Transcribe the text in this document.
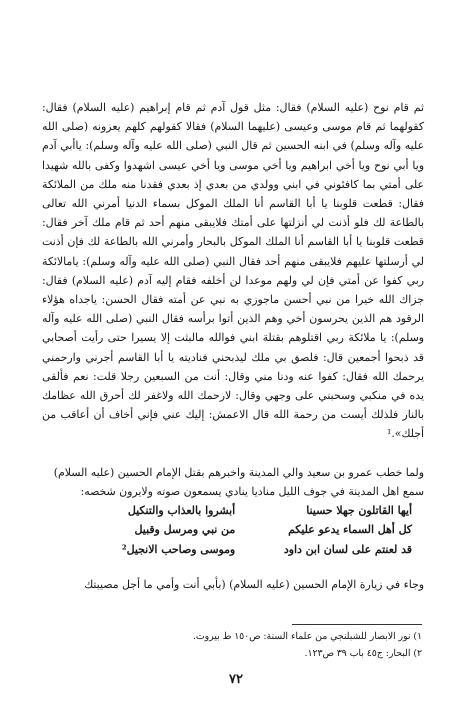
ثم قام نوح (عليه السلام) فقال: مثل قول آدم ثم قام إبراهيم (عليه السلام) فقال: كقولهما ثم قام موسى وعيسى (عليهما السلام) فقالا كقولهم كلهم يعزونه (صلى الله عليه وآله وسلم) في ابنه الحسين ثم قال النبي (صلى الله عليه وآله وسلم): ياأبي آدم ويا أبي نوح ويا أخي ابراهيم ويا أخي موسى ويا أخي عيسى اشهدوا وكفى بالله شهيدا على أمتي بما كافئوني في ابني وولدي من بعدي إذ بعدي فقدنا منه ملك من الملائكة فقال: قطعت قلوبنا يا أبا القاسم أنا الملك الموكل بسماء الدنيا أمرني الله تعالى بالطاعة لك فلو أذنت لي أنزلتها على أمتك فلايبقى منهم أحد ثم قام ملك آخر فقال: قطعت قلوبنا يا أبا القاسم أنا الملك الموكل بالبحار وأمرني الله بالطاعة لك فإن أذنت لي أرسلتها عليهم فلايبقى منهم أحد فقال النبي (صلى الله عليه وآله وسلم): يامالائكة ربي كفوا عن أمتي فإن لي ولهم موعدا لن أخلفه فقام إليه آدم (عليه السلام) فقال: جزاك الله خيرا من نبي أحسن ماجوزي به نبي عن أمته فقال الحسن: ياجداه هؤلاء الرقود هم الذين يحرسون أخي وهم الذين أتوا برأسه فقال النبي (صلى الله عليه وآله وسلم): يا ملائكة ربي اقتلوهم بقتلة ابني فوالله مالبثت إلا يسيرا حتى رأيت أصحابي قد ذبحوا أجمعين قال: فلصق بي ملك ليذبحني فناديته يا أبا القاسم أجرني وارحمني يرحمك الله فقال: كفوا عنه ودنا مني وقال: أنت من السبعين رجلا قلت: نعم فألقى يده في منكبي وسحبني على وجهي وقال: لارحمك الله ولاغفر لك أحرق الله عظامك بالنار فلذلك أيست من رحمة الله قال الاعمش: إليك عني فإني أخاف أن أعاقب من أجلك».¹

ولما خطب عمرو بن سعيد والي المدينة واخبرهم بقتل الإمام الحسين (عليه السلام) سمع اهل المدينة في جوف الليل مناديا ينادي يسمعون صوته ولايرون شخصه:

أيها القاتلون جهلا حسينا
أبشروا بالعذاب والتنكيل
كل أهل السماء يدعو عليكم
من نبي ومرسل وقبيل
قد لعنتم على لسان ابن داود
وموسى وصاحب الانجيل²
وجاء في زيارة الإمام الحسين (عليه السلام) (بأبي أنت وأمي ما أجل مصيبتك

١) نور الابصار للشبلنجي من علماء السنة: ص١٥٠ ط بيروت.

٢) البحار: ج٤٥ باب ٣٩ ص١٢٣.

٧٢
